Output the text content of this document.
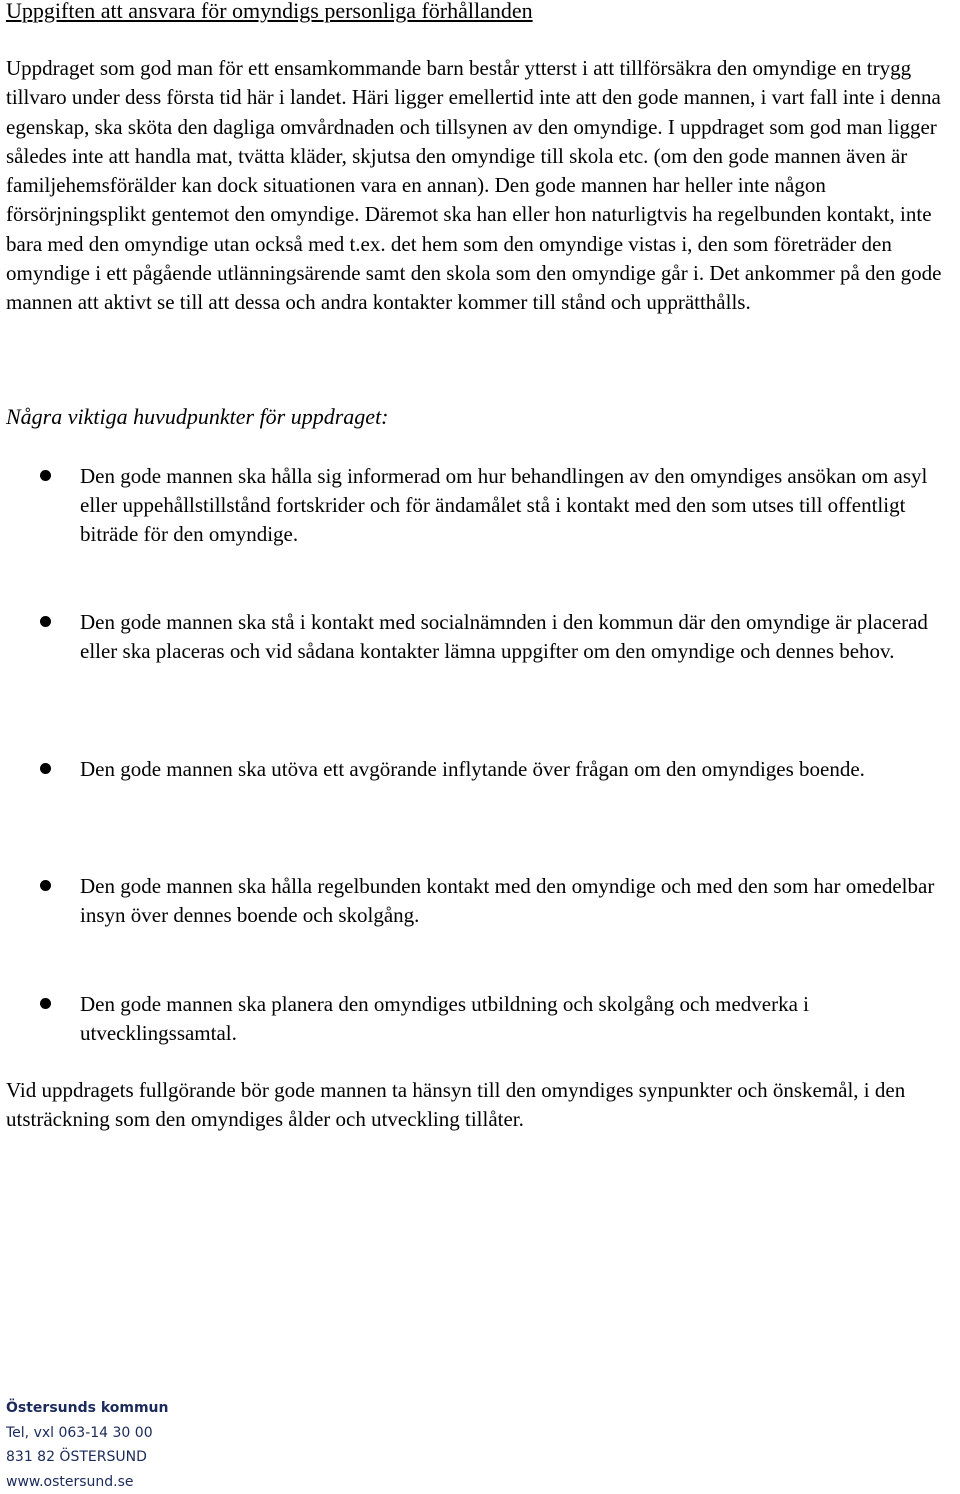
Uppgiften att ansvara för omyndigs personliga förhållanden

Uppdraget som god man för ett ensamkommande barn består ytterst i att tillförsäkra den omyndige en trygg tillvaro under dess första tid här i landet. Häri ligger emellertid inte att den gode mannen, i vart fall inte i denna egenskap, ska sköta den dagliga omvårdnaden och tillsynen av den omyndige. I uppdraget som god man ligger således inte att handla mat, tvätta kläder, skjutsa den omyndige till skola etc. (om den gode mannen även är familjehemsförälder kan dock situationen vara en annan). Den gode mannen har heller inte någon försörjningsplikt gentemot den omyndige. Däremot ska han eller hon naturligtvis ha regelbunden kontakt, inte bara med den omyndige utan också med t.ex. det hem som den omyndige vistas i, den som företräder den omyndige i ett pågående utlänningsärende samt den skola som den omyndige går i. Det ankommer på den gode mannen att aktivt se till att dessa och andra kontakter kommer till stånd och upprätthålls.

Några viktiga huvudpunkter för uppdraget:

Den gode mannen ska hålla sig informerad om hur behandlingen av den omyndiges ansökan om asyl eller uppehållstillstånd fortskrider och för ändamålet stå i kontakt med den som utses till offentligt biträde för den omyndige.

Den gode mannen ska stå i kontakt med socialnämnden i den kommun där den omyndige är placerad eller ska placeras och vid sådana kontakter lämna uppgifter om den omyndige och dennes behov.

Den gode mannen ska utöva ett avgörande inflytande över frågan om den omyndiges boende.

Den gode mannen ska hålla regelbunden kontakt med den omyndige och med den som har omedelbar insyn över dennes boende och skolgång.

Den gode mannen ska planera den omyndiges utbildning och skolgång och medverka i utvecklingssamtal.

Vid uppdragets fullgörande bör gode mannen ta hänsyn till den omyndiges synpunkter och önskemål, i den utsträckning som den omyndiges ålder och utveckling tillåter.

Östersunds kommun
Tel, vxl 063-14 30 00
831 82 ÖSTERSUND
www.ostersund.se
